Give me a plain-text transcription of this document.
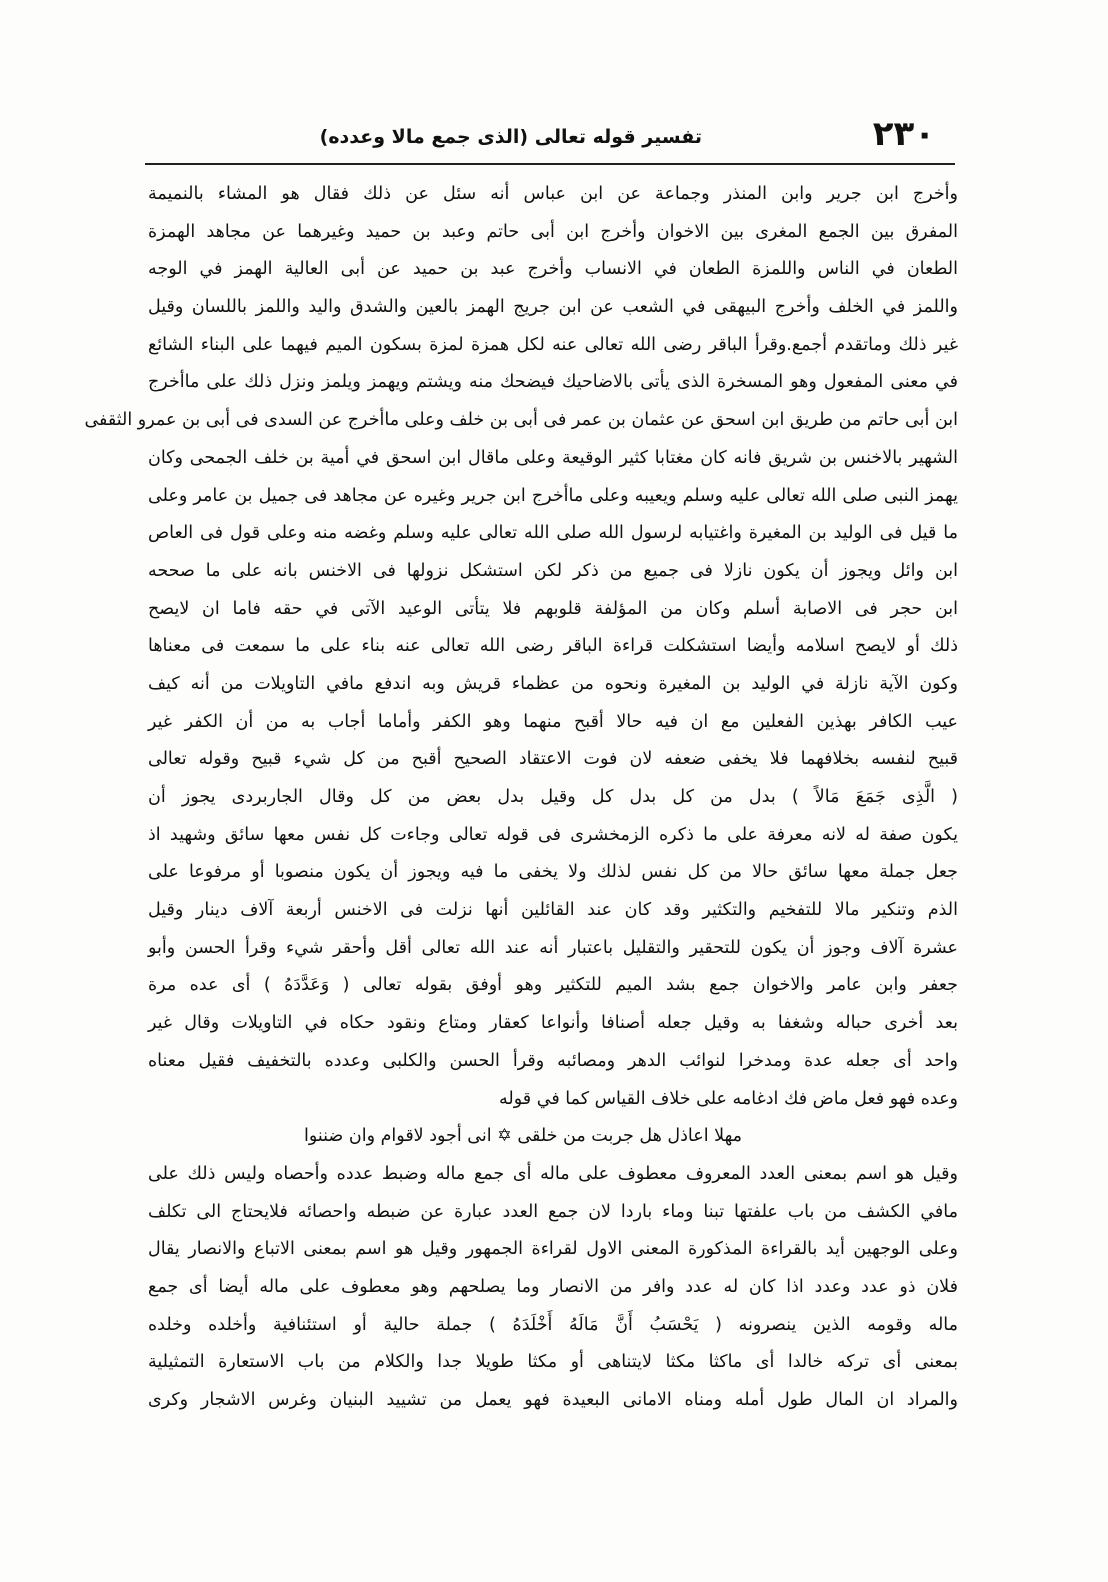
٢٣٠
تفسير قوله تعالى (الذى جمع مالا وعدده)
وأخرج ابن جرير وابن المنذر وجماعة عن ابن عباس أنه سئل عن ذلك فقال هو المشاء بالنميمة
المفرق بين الجمع المغرى بين الاخوان وأخرج ابن أبى حاتم وعبد بن حميد وغيرهما عن مجاهد الهمزة
الطعان في الناس واللمزة الطعان في الانساب وأخرج عبد بن حميد عن أبى العالية الهمز في الوجه
واللمز في الخلف وأخرج البيهقى في الشعب عن ابن جريج الهمز بالعين والشدق واليد واللمز باللسان وقيل
غير ذلك وماتقدم أجمع.وقرأ الباقر رضى الله تعالى عنه لكل همزة لمزة بسكون الميم فيهما على البناء الشائع
في معنى المفعول وهو المسخرة الذى يأتى بالاضاحيك فيضحك منه ويشتم ويهمز ويلمز ونزل ذلك على ماأخرج
ابن أبى حاتم من طريق ابن اسحق عن عثمان بن عمر فى أبى بن خلف وعلى ماأخرج عن السدى فى أبى بن عمرو الثقفى
الشهير بالاخنس بن شريق فانه كان مغتابا كثير الوقيعة وعلى ماقال ابن اسحق في أمية بن خلف الجمحى وكان
يهمز النبى صلى الله تعالى عليه وسلم ويعيبه وعلى ماأخرج ابن جرير وغيره عن مجاهد فى جميل بن عامر وعلى
ما قيل فى الوليد بن المغيرة واغتيابه لرسول الله صلى الله تعالى عليه وسلم وغضه منه وعلى قول فى العاص
ابن وائل ويجوز أن يكون نازلا فى جميع من ذكر لكن استشكل نزولها فى الاخنس بانه على ما صححه
ابن حجر فى الاصابة أسلم وكان من المؤلفة قلوبهم فلا يتأتى الوعيد الآتى في حقه فاما ان لايصح
ذلك أو لايصح اسلامه وأيضا استشكلت قراءة الباقر رضى الله تعالى عنه بناء على ما سمعت فى معناها
وكون الآية نازلة في الوليد بن المغيرة ونحوه من عظماء قريش وبه اندفع مافي التاويلات من أنه كيف
عيب الكافر بهذين الفعلين مع ان فيه حالا أقبح منهما وهو الكفر وأماما أجاب به من أن الكفر غير
قبيح لنفسه بخلافهما فلا يخفى ضعفه لان فوت الاعتقاد الصحيح أقبح من كل شيء قبيح وقوله تعالى
( الَّذِى جَمَعَ مَالاً ) بدل من كل بدل كل وقيل بدل بعض من كل وقال الجاربردى يجوز أن
يكون صفة له لانه معرفة على ما ذكره الزمخشرى فى قوله تعالى وجاءت كل نفس معها سائق وشهيد اذ
جعل جملة معها سائق حالا من كل نفس لذلك ولا يخفى ما فيه ويجوز أن يكون منصوبا أو مرفوعا على
الذم وتنكير مالا للتفخيم والتكثير وقد كان عند القائلين أنها نزلت فى الاخنس أربعة آلاف دينار وقيل
عشرة آلاف وجوز أن يكون للتحقير والتقليل باعتبار أنه عند الله تعالى أقل وأحقر شيء وقرأ الحسن وأبو
جعفر وابن عامر والاخوان جمع بشد الميم للتكثير وهو أوفق بقوله تعالى ( وَعَدَّدَهُ ) أى عده مرة
بعد أخرى حباله وشغفا به وقيل جعله أصنافا وأنواعا كعقار ومتاع ونقود حكاه في التاويلات وقال غير
واحد أى جعله عدة ومدخرا لنوائب الدهر ومصائبه وقرأ الحسن والكلبى وعدده بالتخفيف فقيل معناه
وعده فهو فعل ماض فك ادغامه على خلاف القياس كما في قوله
مهلا اعاذل هل جربت من خلقى ✡ انى أجود لاقوام وان ضننوا
وقيل هو اسم بمعنى العدد المعروف معطوف على ماله أى جمع ماله وضبط عدده وأحصاه وليس ذلك على
مافي الكشف من باب علفتها تبنا وماء باردا لان جمع العدد عبارة عن ضبطه واحصائه فلايحتاج الى تكلف
وعلى الوجهين أيد بالقراءة المذكورة المعنى الاول لقراءة الجمهور وقيل هو اسم بمعنى الاتباع والانصار يقال
فلان ذو عدد وعدد اذا كان له عدد وافر من الانصار وما يصلحهم وهو معطوف على ماله أيضا أى جمع
ماله وقومه الذين ينصرونه ( يَحْسَبُ أَنَّ مَالَهُ أَخْلَدَهُ ) جملة حالية أو استئنافية وأخلده وخلده
بمعنى أى تركه خالدا أى ماكثا مكثا لايتناهى أو مكثا طويلا جدا والكلام من باب الاستعارة التمثيلية
والمراد ان المال طول أمله ومناه الامانى البعيدة فهو يعمل من تشييد البنيان وغرس الاشجار وكرى
